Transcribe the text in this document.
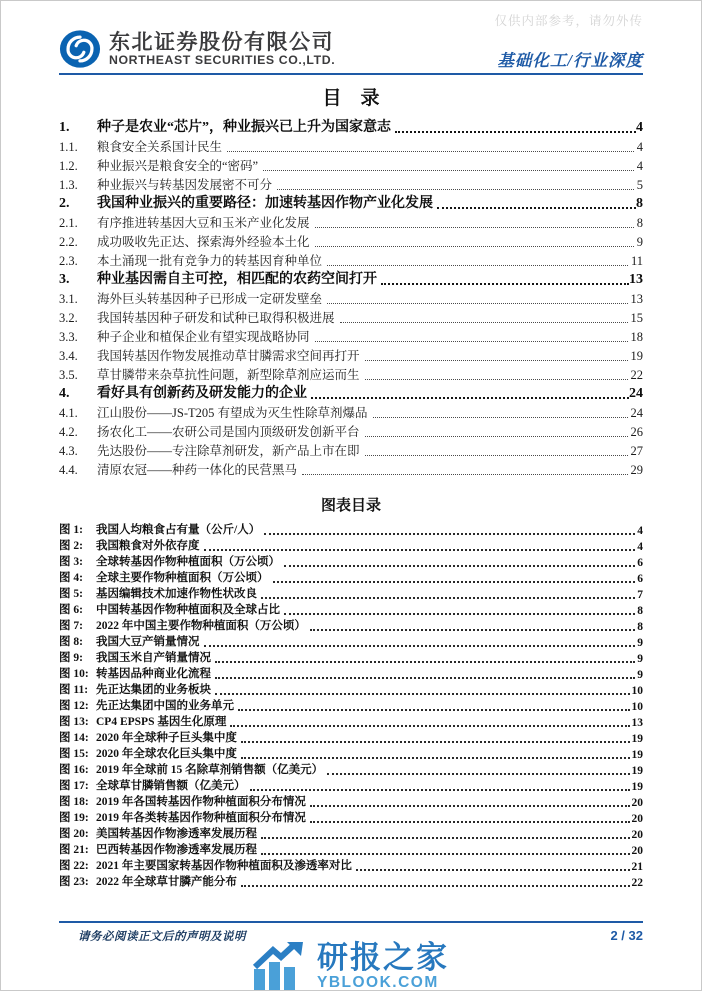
仅供内部参考，请勿外传
东北证券股份有限公司
NORTHEAST SECURITIES CO.,LTD.	基础化工/行业深度
目　录
1.	种子是农业“芯片”，种业振兴已上升为国家意志	4
1.1.	粮食安全关系国计民生	4
1.2.	种业振兴是粮食安全的“密码”	4
1.3.	种业振兴与转基因发展密不可分	5
2.	我国种业振兴的重要路径：加速转基因作物产业化发展	8
2.1.	有序推进转基因大豆和玉米产业化发展	8
2.2.	成功吸收先正达、探索海外经验本土化	9
2.3.	本土涌现一批有竞争力的转基因育种单位	11
3.	种业基因需自主可控，相匹配的农药空间打开	13
3.1.	海外巨头转基因种子已形成一定研发壁垒	13
3.2.	我国转基因种子研发和试种已取得积极进展	15
3.3.	种子企业和植保企业有望实现战略协同	18
3.4.	我国转基因作物发展推动草甘膦需求空间再打开	19
3.5.	草甘膦带来杂草抗性问题，新型除草剂应运而生	22
4.	看好具有创新药及研发能力的企业	24
4.1.	江山股份——JS-T205 有望成为灭生性除草剂爆品	24
4.2.	扬农化工——农研公司是国内顶级研发创新平台	26
4.3.	先达股份——专注除草剂研发，新产品上市在即	27
4.4.	清原农冠——种药一体化的民营黑马	29
图表目录
图 1:	我国人均粮食占有量（公斤/人）	4
图 2:	我国粮食对外依存度	4
图 3:	全球转基因作物种植面积（万公顷）	6
图 4:	全球主要作物种植面积（万公顷）	6
图 5:	基因编辑技术加速作物性状改良	7
图 6:	中国转基因作物种植面积及全球占比	8
图 7:	2022 年中国主要作物种植面积（万公顷）	8
图 8:	我国大豆产销量情况	9
图 9:	我国玉米自产销量情况	9
图 10: 转基因品种商业化流程	9
图 11: 先正达集团的业务板块	10
图 12: 先正达集团中国的业务单元	10
图 13: CP4 EPSPS 基因生化原理	13
图 14: 2020 年全球种子巨头集中度	19
图 15: 2020 年全球农化巨头集中度	19
图 16: 2019 年全球前 15 名除草剂销售额（亿美元）	19
图 17: 全球草甘膦销售额（亿美元）	19
图 18: 2019 年各国转基因作物种植面积分布情况	20
图 19: 2019 年各类转基因作物种植面积分布情况	20
图 20: 美国转基因作物渗透率发展历程	20
图 21: 巴西转基因作物渗透率发展历程	20
图 22: 2021 年主要国家转基因作物种植面积及渗透率对比	21
图 23: 2022 年全球草甘膦产能分布	22
请务必阅读正文后的声明及说明	2 / 32
研报之家
YBLOOK.COM
